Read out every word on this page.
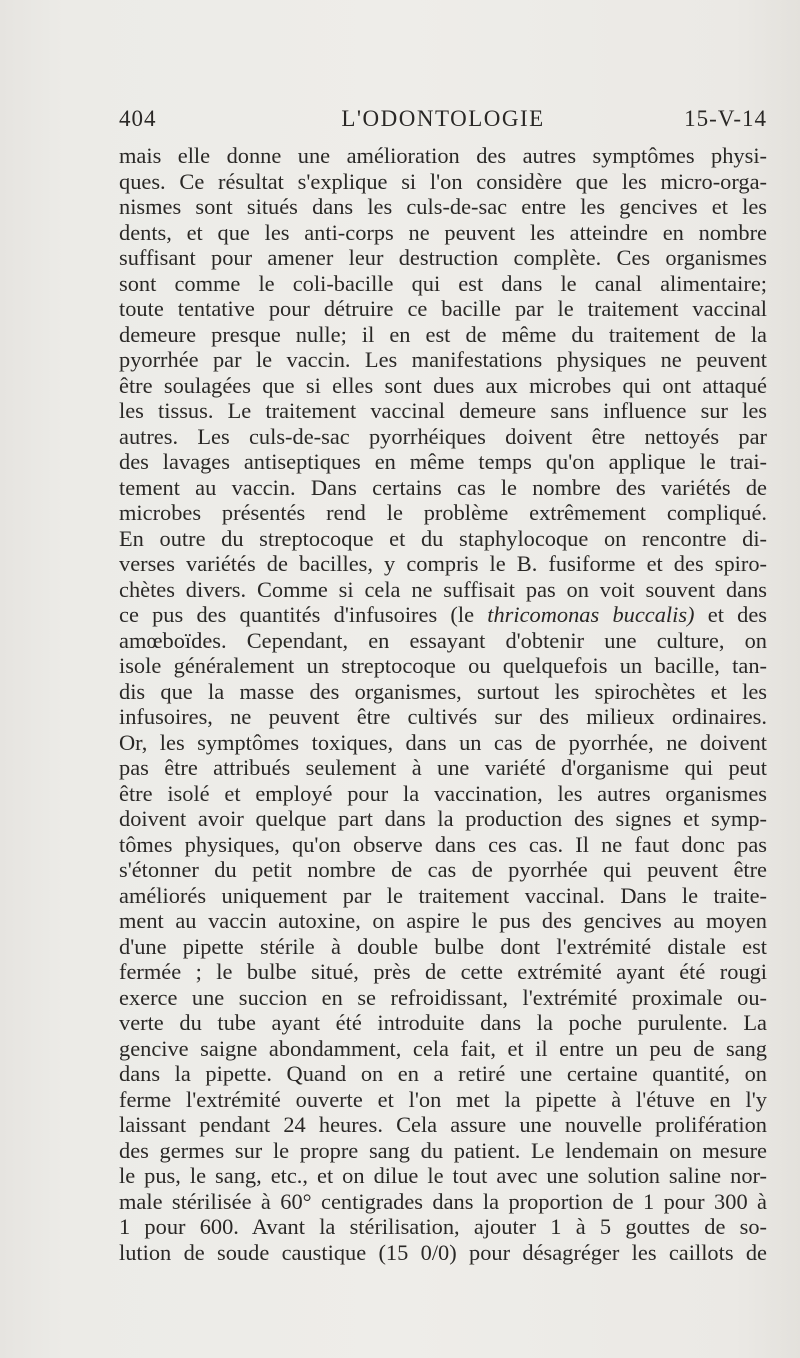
404	L'ODONTOLOGIE	15-V-14
mais elle donne une amélioration des autres symptômes physi-
ques. Ce résultat s'explique si l'on considère que les micro-orga-
nismes sont situés dans les culs-de-sac entre les gencives et les
dents, et que les anti-corps ne peuvent les atteindre en nombre
suffisant pour amener leur destruction complète. Ces organismes
sont comme le coli-bacille qui est dans le canal alimentaire;
toute tentative pour détruire ce bacille par le traitement vaccinal
demeure presque nulle; il en est de même du traitement de la
pyorrhée par le vaccin. Les manifestations physiques ne peuvent
être soulagées que si elles sont dues aux microbes qui ont attaqué
les tissus. Le traitement vaccinal demeure sans influence sur les
autres. Les culs-de-sac pyorrhéiques doivent être nettoyés par
des lavages antiseptiques en même temps qu'on applique le trai-
tement au vaccin. Dans certains cas le nombre des variétés de
microbes présentés rend le problème extrêmement compliqué.
En outre du streptocoque et du staphylocoque on rencontre di-
verses variétés de bacilles, y compris le B. fusiforme et des spiro-
chètes divers. Comme si cela ne suffisait pas on voit souvent dans
ce pus des quantités d'infusoires (le thricomonas buccalis) et des
amœboïdes. Cependant, en essayant d'obtenir une culture, on
isole généralement un streptocoque ou quelquefois un bacille, tan-
dis que la masse des organismes, surtout les spirochètes et les
infusoires, ne peuvent être cultivés sur des milieux ordinaires.
Or, les symptômes toxiques, dans un cas de pyorrhée, ne doivent
pas être attribués seulement à une variété d'organisme qui peut
être isolé et employé pour la vaccination, les autres organismes
doivent avoir quelque part dans la production des signes et symp-
tômes physiques, qu'on observe dans ces cas. Il ne faut donc pas
s'étonner du petit nombre de cas de pyorrhée qui peuvent être
améliorés uniquement par le traitement vaccinal. Dans le traite-
ment au vaccin autoxine, on aspire le pus des gencives au moyen
d'une pipette stérile à double bulbe dont l'extrémité distale est
fermée ; le bulbe situé, près de cette extrémité ayant été rougi
exerce une succion en se refroidissant, l'extrémité proximale ou-
verte du tube ayant été introduite dans la poche purulente. La
gencive saigne abondamment, cela fait, et il entre un peu de sang
dans la pipette. Quand on en a retiré une certaine quantité, on
ferme l'extrémité ouverte et l'on met la pipette à l'étuve en l'y
laissant pendant 24 heures. Cela assure une nouvelle prolifération
des germes sur le propre sang du patient. Le lendemain on mesure
le pus, le sang, etc., et on dilue le tout avec une solution saline nor-
male stérilisée à 60° centigrades dans la proportion de 1 pour 300 à
1 pour 600. Avant la stérilisation, ajouter 1 à 5 gouttes de so-
lution de soude caustique (15 0/0) pour désagréger les caillots de
